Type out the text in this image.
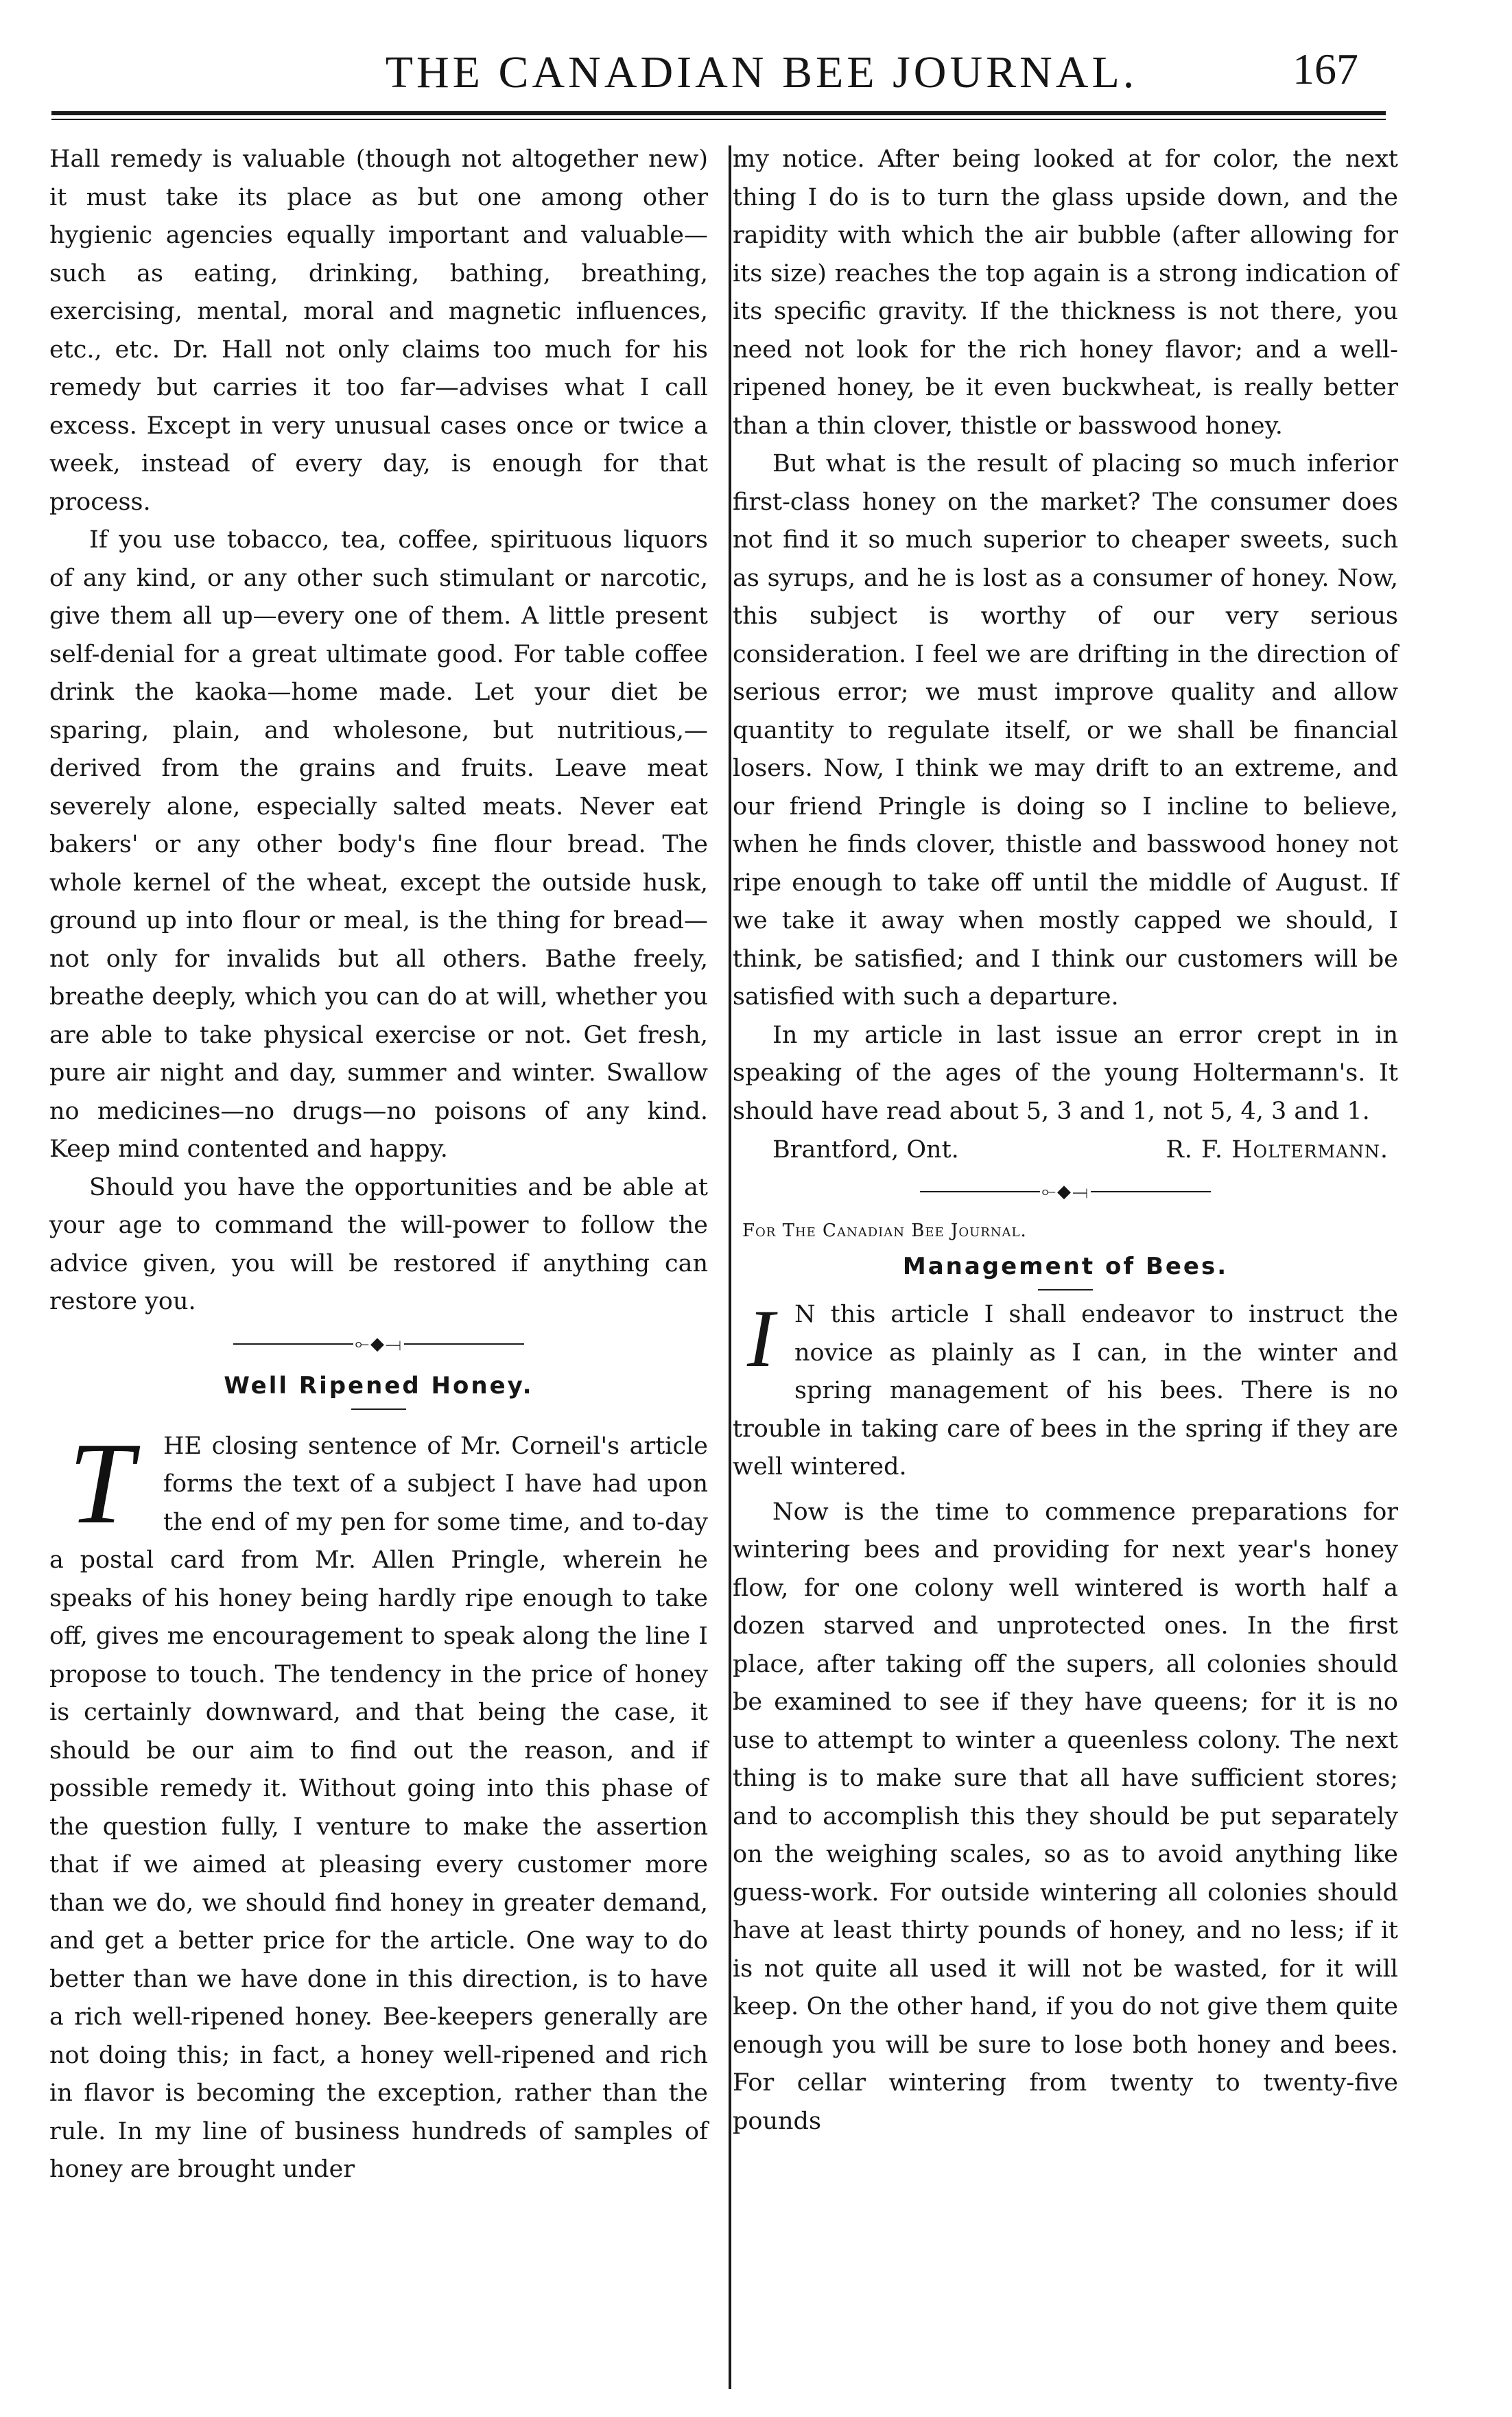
THE CANADIAN BEE JOURNAL.	167

Hall remedy is valuable (though not altogether new) it must take its place as but one among other hygienic agencies equally important and valuable—such as eating, drinking, bathing, breathing, exercising, mental, moral and magnetic influences, etc., etc. Dr. Hall not only claims too much for his remedy but carries it too far—advises what I call excess. Except in very unusual cases once or twice a week, instead of every day, is enough for that process.

If you use tobacco, tea, coffee, spirituous liquors of any kind, or any other such stimulant or narcotic, give them all up—every one of them. A little present self-denial for a great ultimate good. For table coffee drink the kaoka—home made. Let your diet be sparing, plain, and wholesone, but nutritious,—derived from the grains and fruits. Leave meat severely alone, especially salted meats. Never eat bakers' or any other body's fine flour bread. The whole kernel of the wheat, except the outside husk, ground up into flour or meal, is the thing for bread—not only for invalids but all others. Bathe freely, breathe deeply, which you can do at will, whether you are able to take physical exercise or not. Get fresh, pure air night and day, summer and winter. Swallow no medicines—no drugs—no poisons of any kind. Keep mind contented and happy.

Should you have the opportunities and be able at your age to command the will-power to follow the advice given, you will be restored if anything can restore you.

⟜◆⟞
Well Ripened Honey.
T	HE closing sentence of Mr. Corneil's article forms the text of a subject I have had upon the end of my pen for some time, and to-day a postal card from Mr. Allen Pringle, wherein he speaks of his honey being hardly ripe enough to take off, gives me encouragement to speak along the line I propose to touch. The tendency in the price of honey is certainly downward, and that being the case, it should be our aim to find out the reason, and if possible remedy it. Without going into this phase of the question fully, I venture to make the assertion that if we aimed at pleasing every customer more than we do, we should find honey in greater demand, and get a better price for the article. One way to do better than we have done in this direction, is to have a rich well-ripened honey. Bee-keepers generally are not doing this; in fact, a honey well-ripened and rich in flavor is becoming the exception, rather than the rule. In my line of business hundreds of samples of honey are brought under

my notice. After being looked at for color, the next thing I do is to turn the glass upside down, and the rapidity with which the air bubble (after allowing for its size) reaches the top again is a strong indication of its specific gravity. If the thickness is not there, you need not look for the rich honey flavor; and a well-ripened honey, be it even buckwheat, is really better than a thin clover, thistle or basswood honey.

But what is the result of placing so much inferior first-class honey on the market? The consumer does not find it so much superior to cheaper sweets, such as syrups, and he is lost as a consumer of honey. Now, this subject is worthy of our very serious consideration. I feel we are drifting in the direction of serious error; we must improve quality and allow quantity to regulate itself, or we shall be financial losers. Now, I think we may drift to an extreme, and our friend Pringle is doing so I incline to believe, when he finds clover, thistle and basswood honey not ripe enough to take off until the middle of August. If we take it away when mostly capped we should, I think, be satisfied; and I think our customers will be satisfied with such a departure.

In my article in last issue an error crept in in speaking of the ages of the young Holtermann's. It should have read about 5, 3 and 1, not 5, 4, 3 and 1.

Brantford, Ont.	R. F. Holtermann.
⟜◆⟞
For The Canadian Bee Journal.
Management of Bees.
I N this article I shall endeavor to instruct the novice as plainly as I can, in the winter and spring management of his bees. There is no trouble in taking care of bees in the spring if they are well wintered.

Now is the time to commence preparations for wintering bees and providing for next year's honey flow, for one colony well wintered is worth half a dozen starved and unprotected ones. In the first place, after taking off the supers, all colonies should be examined to see if they have queens; for it is no use to attempt to winter a queenless colony. The next thing is to make sure that all have sufficient stores; and to accomplish this they should be put separately on the weighing scales, so as to avoid anything like guess-work. For outside wintering all colonies should have at least thirty pounds of honey, and no less; if it is not quite all used it will not be wasted, for it will keep. On the other hand, if you do not give them quite enough you will be sure to lose both honey and bees. For cellar wintering from twenty to twenty-five pounds
